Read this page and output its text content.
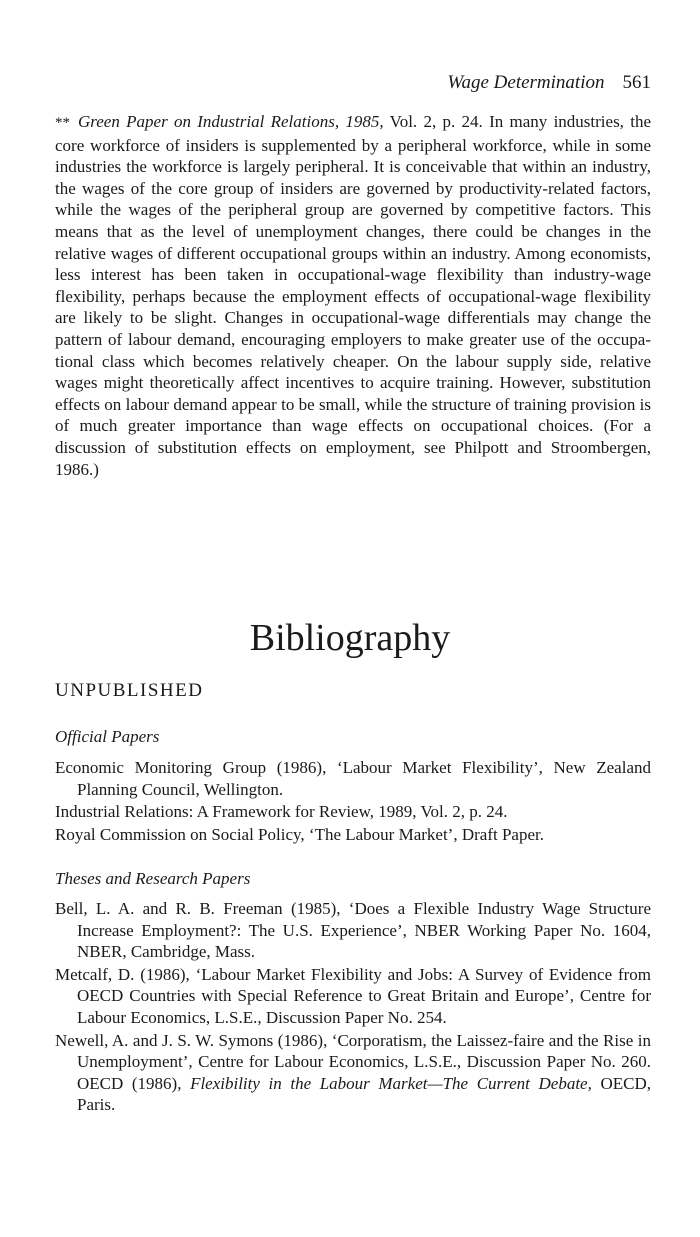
Wage Determination 561

** Green Paper on Industrial Relations, 1985, Vol. 2, p. 24. In many industries, the core workforce of insiders is supplemented by a peripheral workforce, while in some industries the workforce is largely peripheral. It is conceivable that within an industry, the wages of the core group of insiders are governed by productivity-related factors, while the wages of the peripheral group are governed by competitive factors. This means that as the level of unemployment changes, there could be changes in the relative wages of different occupational groups within an industry. Among economists, less interest has been taken in occupational-wage flexibility than industry-wage flexibility, perhaps because the employment effects of occupational-wage flexibility are likely to be slight. Changes in occupational-wage differentials may change the pattern of labour demand, encouraging employers to make greater use of the occupational class which becomes relatively cheaper. On the labour supply side, relative wages might theoretically affect incentives to acquire training. However, substitution effects on labour demand appear to be small, while the structure of training provision is of much greater importance than wage effects on occupational choices. (For a discussion of substitution effects on employment, see Philpott and Stroombergen, 1986.)

Bibliography
UNPUBLISHED
Official Papers
Economic Monitoring Group (1986), ‘Labour Market Flexibility’, New Zealand Planning Council, Wellington.
Industrial Relations: A Framework for Review, 1989, Vol. 2, p. 24.
Royal Commission on Social Policy, ‘The Labour Market’, Draft Paper.
Theses and Research Papers
Bell, L. A. and R. B. Freeman (1985), ‘Does a Flexible Industry Wage Structure Increase Employment?: The U.S. Experience’, NBER Working Paper No. 1604, NBER, Cambridge, Mass.
Metcalf, D. (1986), ‘Labour Market Flexibility and Jobs: A Survey of Evidence from OECD Countries with Special Reference to Great Britain and Europe’, Centre for Labour Economics, L.S.E., Discussion Paper No. 254.
Newell, A. and J. S. W. Symons (1986), ‘Corporatism, the Laissez-faire and the Rise in Unemployment’, Centre for Labour Economics, L.S.E., Discussion Paper No. 260. OECD (1986), Flexibility in the Labour Market—The Current Debate, OECD, Paris.
